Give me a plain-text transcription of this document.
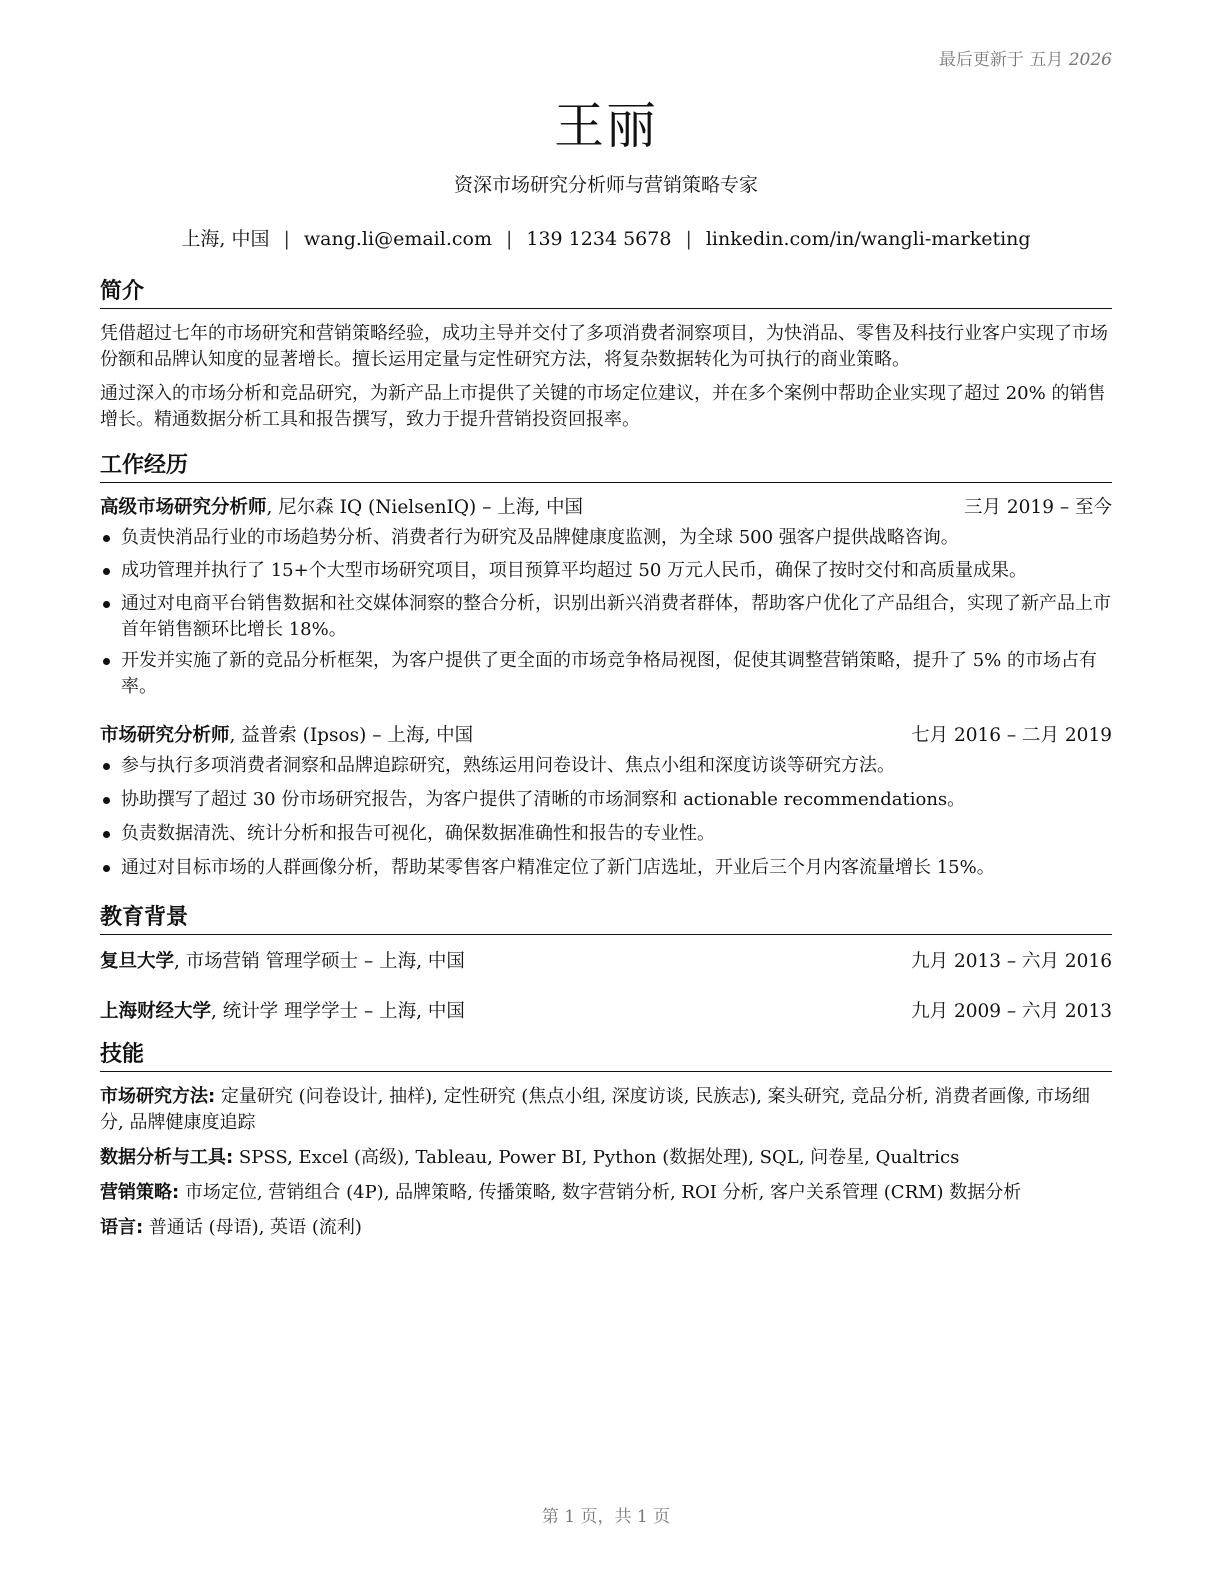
最后更新于 五月 2026
王丽
资深市场研究分析师与营销策略专家
上海, 中国 | wang.li@email.com | 139 1234 5678 | linkedin.com/in/wangli-marketing
简介

凭借超过七年的市场研究和营销策略经验，成功主导并交付了多项消费者洞察项目，为快消品、零售及科技行业客户实现了市场份额和品牌认知度的显著增长。擅长运用定量与定性研究方法，将复杂数据转化为可执行的商业策略。

通过深入的市场分析和竞品研究，为新产品上市提供了关键的市场定位建议，并在多个案例中帮助企业实现了超过 20% 的销售增长。精通数据分析工具和报告撰写，致力于提升营销投资回报率。

工作经历
高级市场研究分析师, 尼尔森 IQ (NielsenIQ) – 上海, 中国	三月 2019 – 至今
负责快消品行业的市场趋势分析、消费者行为研究及品牌健康度监测，为全球 500 强客户提供战略咨询。
成功管理并执行了 15+个大型市场研究项目，项目预算平均超过 50 万元人民币，确保了按时交付和高质量成果。
通过对电商平台销售数据和社交媒体洞察的整合分析，识别出新兴消费者群体，帮助客户优化了产品组合，实现了新产品上市首年销售额环比增长 18%。
开发并实施了新的竞品分析框架，为客户提供了更全面的市场竞争格局视图，促使其调整营销策略，提升了 5% 的市场占有率。
市场研究分析师, 益普索 (Ipsos) – 上海, 中国	七月 2016 – 二月 2019
参与执行多项消费者洞察和品牌追踪研究，熟练运用问卷设计、焦点小组和深度访谈等研究方法。
协助撰写了超过 30 份市场研究报告，为客户提供了清晰的市场洞察和 actionable recommendations。
负责数据清洗、统计分析和报告可视化，确保数据准确性和报告的专业性。
通过对目标市场的人群画像分析，帮助某零售客户精准定位了新门店选址，开业后三个月内客流量增长 15%。
教育背景
复旦大学, 市场营销 管理学硕士 – 上海, 中国	九月 2013 – 六月 2016
上海财经大学, 统计学 理学学士 – 上海, 中国	九月 2009 – 六月 2013
技能
市场研究方法: 定量研究 (问卷设计, 抽样), 定性研究 (焦点小组, 深度访谈, 民族志), 案头研究, 竞品分析, 消费者画像, 市场细分, 品牌健康度追踪
数据分析与工具: SPSS, Excel (高级), Tableau, Power BI, Python (数据处理), SQL, 问卷星, Qualtrics
营销策略: 市场定位, 营销组合 (4P), 品牌策略, 传播策略, 数字营销分析, ROI 分析, 客户关系管理 (CRM) 数据分析
语言: 普通话 (母语), 英语 (流利)
第 1 页，共 1 页
